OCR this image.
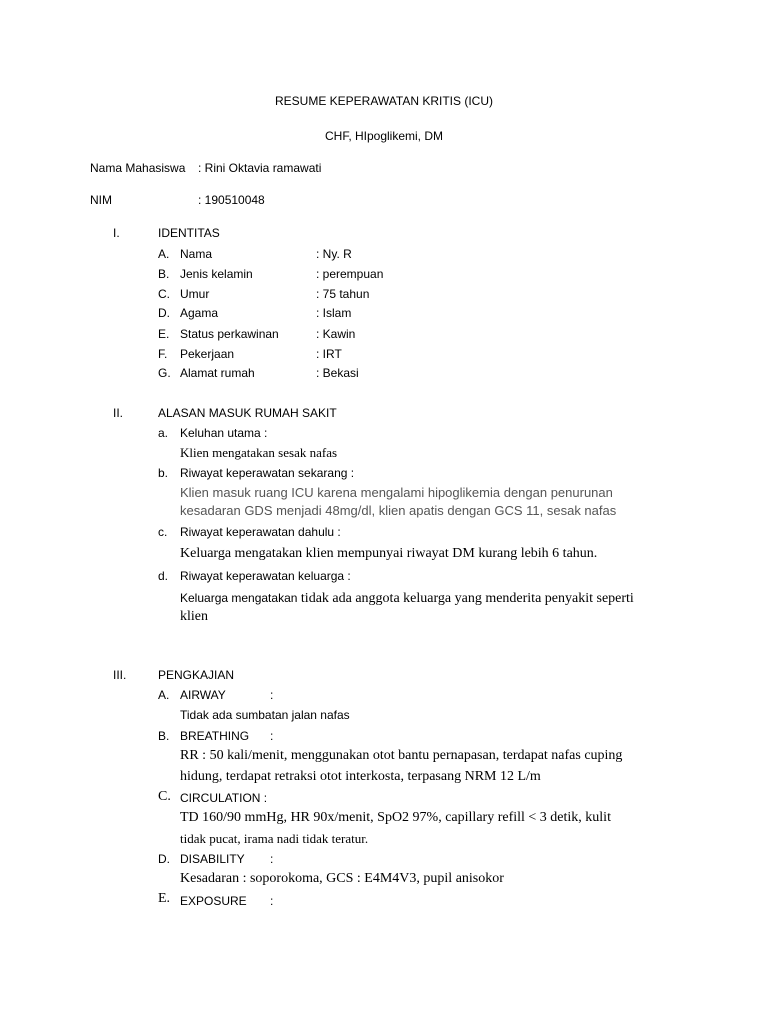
RESUME KEPERAWATAN KRITIS (ICU)
CHF, HIpoglikemi, DM
Nama Mahasiswa : Rini Oktavia ramawati
NIM	: 190510048
I.	IDENTITAS
A. Nama	: Ny. R
B. Jenis kelamin	: perempuan
C. Umur	: 75 tahun
D. Agama	: Islam
E. Status perkawinan	: Kawin
F. Pekerjaan	: IRT
G. Alamat rumah	: Bekasi
II.	ALASAN MASUK RUMAH SAKIT
a. Keluhan utama :
Klien mengatakan sesak nafas
b. Riwayat keperawatan sekarang :
Klien masuk ruang ICU karena mengalami hipoglikemia dengan penurunan
kesadaran GDS menjadi 48mg/dl, klien apatis dengan GCS 11, sesak nafas
c. Riwayat keperawatan dahulu :
Keluarga mengatakan klien mempunyai riwayat DM kurang lebih 6 tahun.
d. Riwayat keperawatan keluarga :
Keluarga mengatakan tidak ada anggota keluarga yang menderita penyakit seperti
klien
III.	PENGKAJIAN
A. AIRWAY	:
Tidak ada sumbatan jalan nafas
B. BREATHING :
RR : 50 kali/menit, menggunakan otot bantu pernapasan, terdapat nafas cuping
hidung, terdapat retraksi otot interkosta, terpasang NRM 12 L/m
C. CIRCULATION :
TD 160/90 mmHg, HR 90x/menit, SpO2 97%, capillary refill < 3 detik, kulit
tidak pucat, irama nadi tidak teratur.
D. DISABILITY :
Kesadaran : soporokoma, GCS : E4M4V3, pupil anisokor
E. EXPOSURE :
